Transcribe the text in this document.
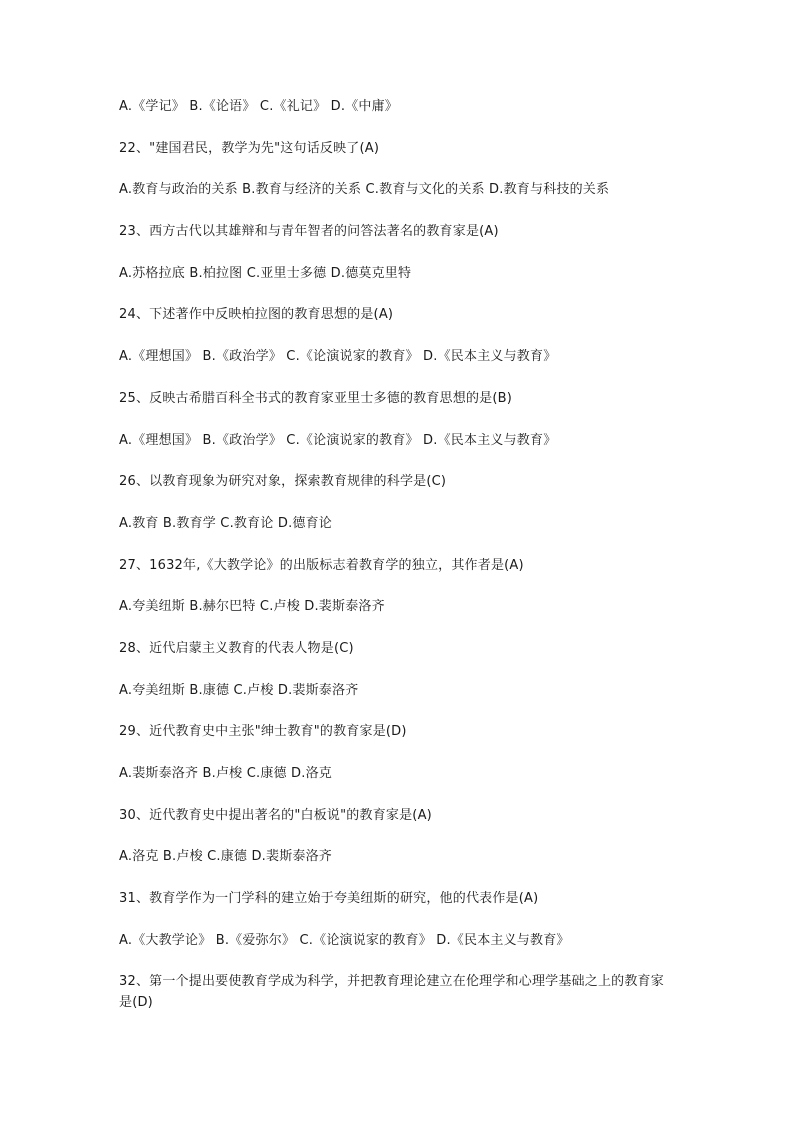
A.《学记》 B.《论语》 C.《礼记》 D.《中庸》
22、"建国君民，教学为先"这句话反映了(A)
A.教育与政治的关系 B.教育与经济的关系 C.教育与文化的关系 D.教育与科技的关系
23、西方古代以其雄辩和与青年智者的问答法著名的教育家是(A)
A.苏格拉底 B.柏拉图 C.亚里士多德 D.德莫克里特
24、下述著作中反映柏拉图的教育思想的是(A)
A.《理想国》 B.《政治学》 C.《论演说家的教育》 D.《民本主义与教育》
25、反映古希腊百科全书式的教育家亚里士多德的教育思想的是(B)
A.《理想国》 B.《政治学》 C.《论演说家的教育》 D.《民本主义与教育》
26、以教育现象为研究对象，探索教育规律的科学是(C)
A.教育 B.教育学 C.教育论 D.德育论
27、1632年,《大教学论》的出版标志着教育学的独立，其作者是(A)
A.夸美纽斯 B.赫尔巴特 C.卢梭 D.裴斯泰洛齐
28、近代启蒙主义教育的代表人物是(C)
A.夸美纽斯 B.康德 C.卢梭 D.裴斯泰洛齐
29、近代教育史中主张"绅士教育"的教育家是(D)
A.裴斯泰洛齐 B.卢梭 C.康德 D.洛克
30、近代教育史中提出著名的"白板说"的教育家是(A)
A.洛克 B.卢梭 C.康德 D.裴斯泰洛齐
31、教育学作为一门学科的建立始于夸美纽斯的研究，他的代表作是(A)
A.《大教学论》 B.《爱弥尔》 C.《论演说家的教育》 D.《民本主义与教育》
32、第一个提出要使教育学成为科学，并把教育理论建立在伦理学和心理学基础之上的教育家是(D)
